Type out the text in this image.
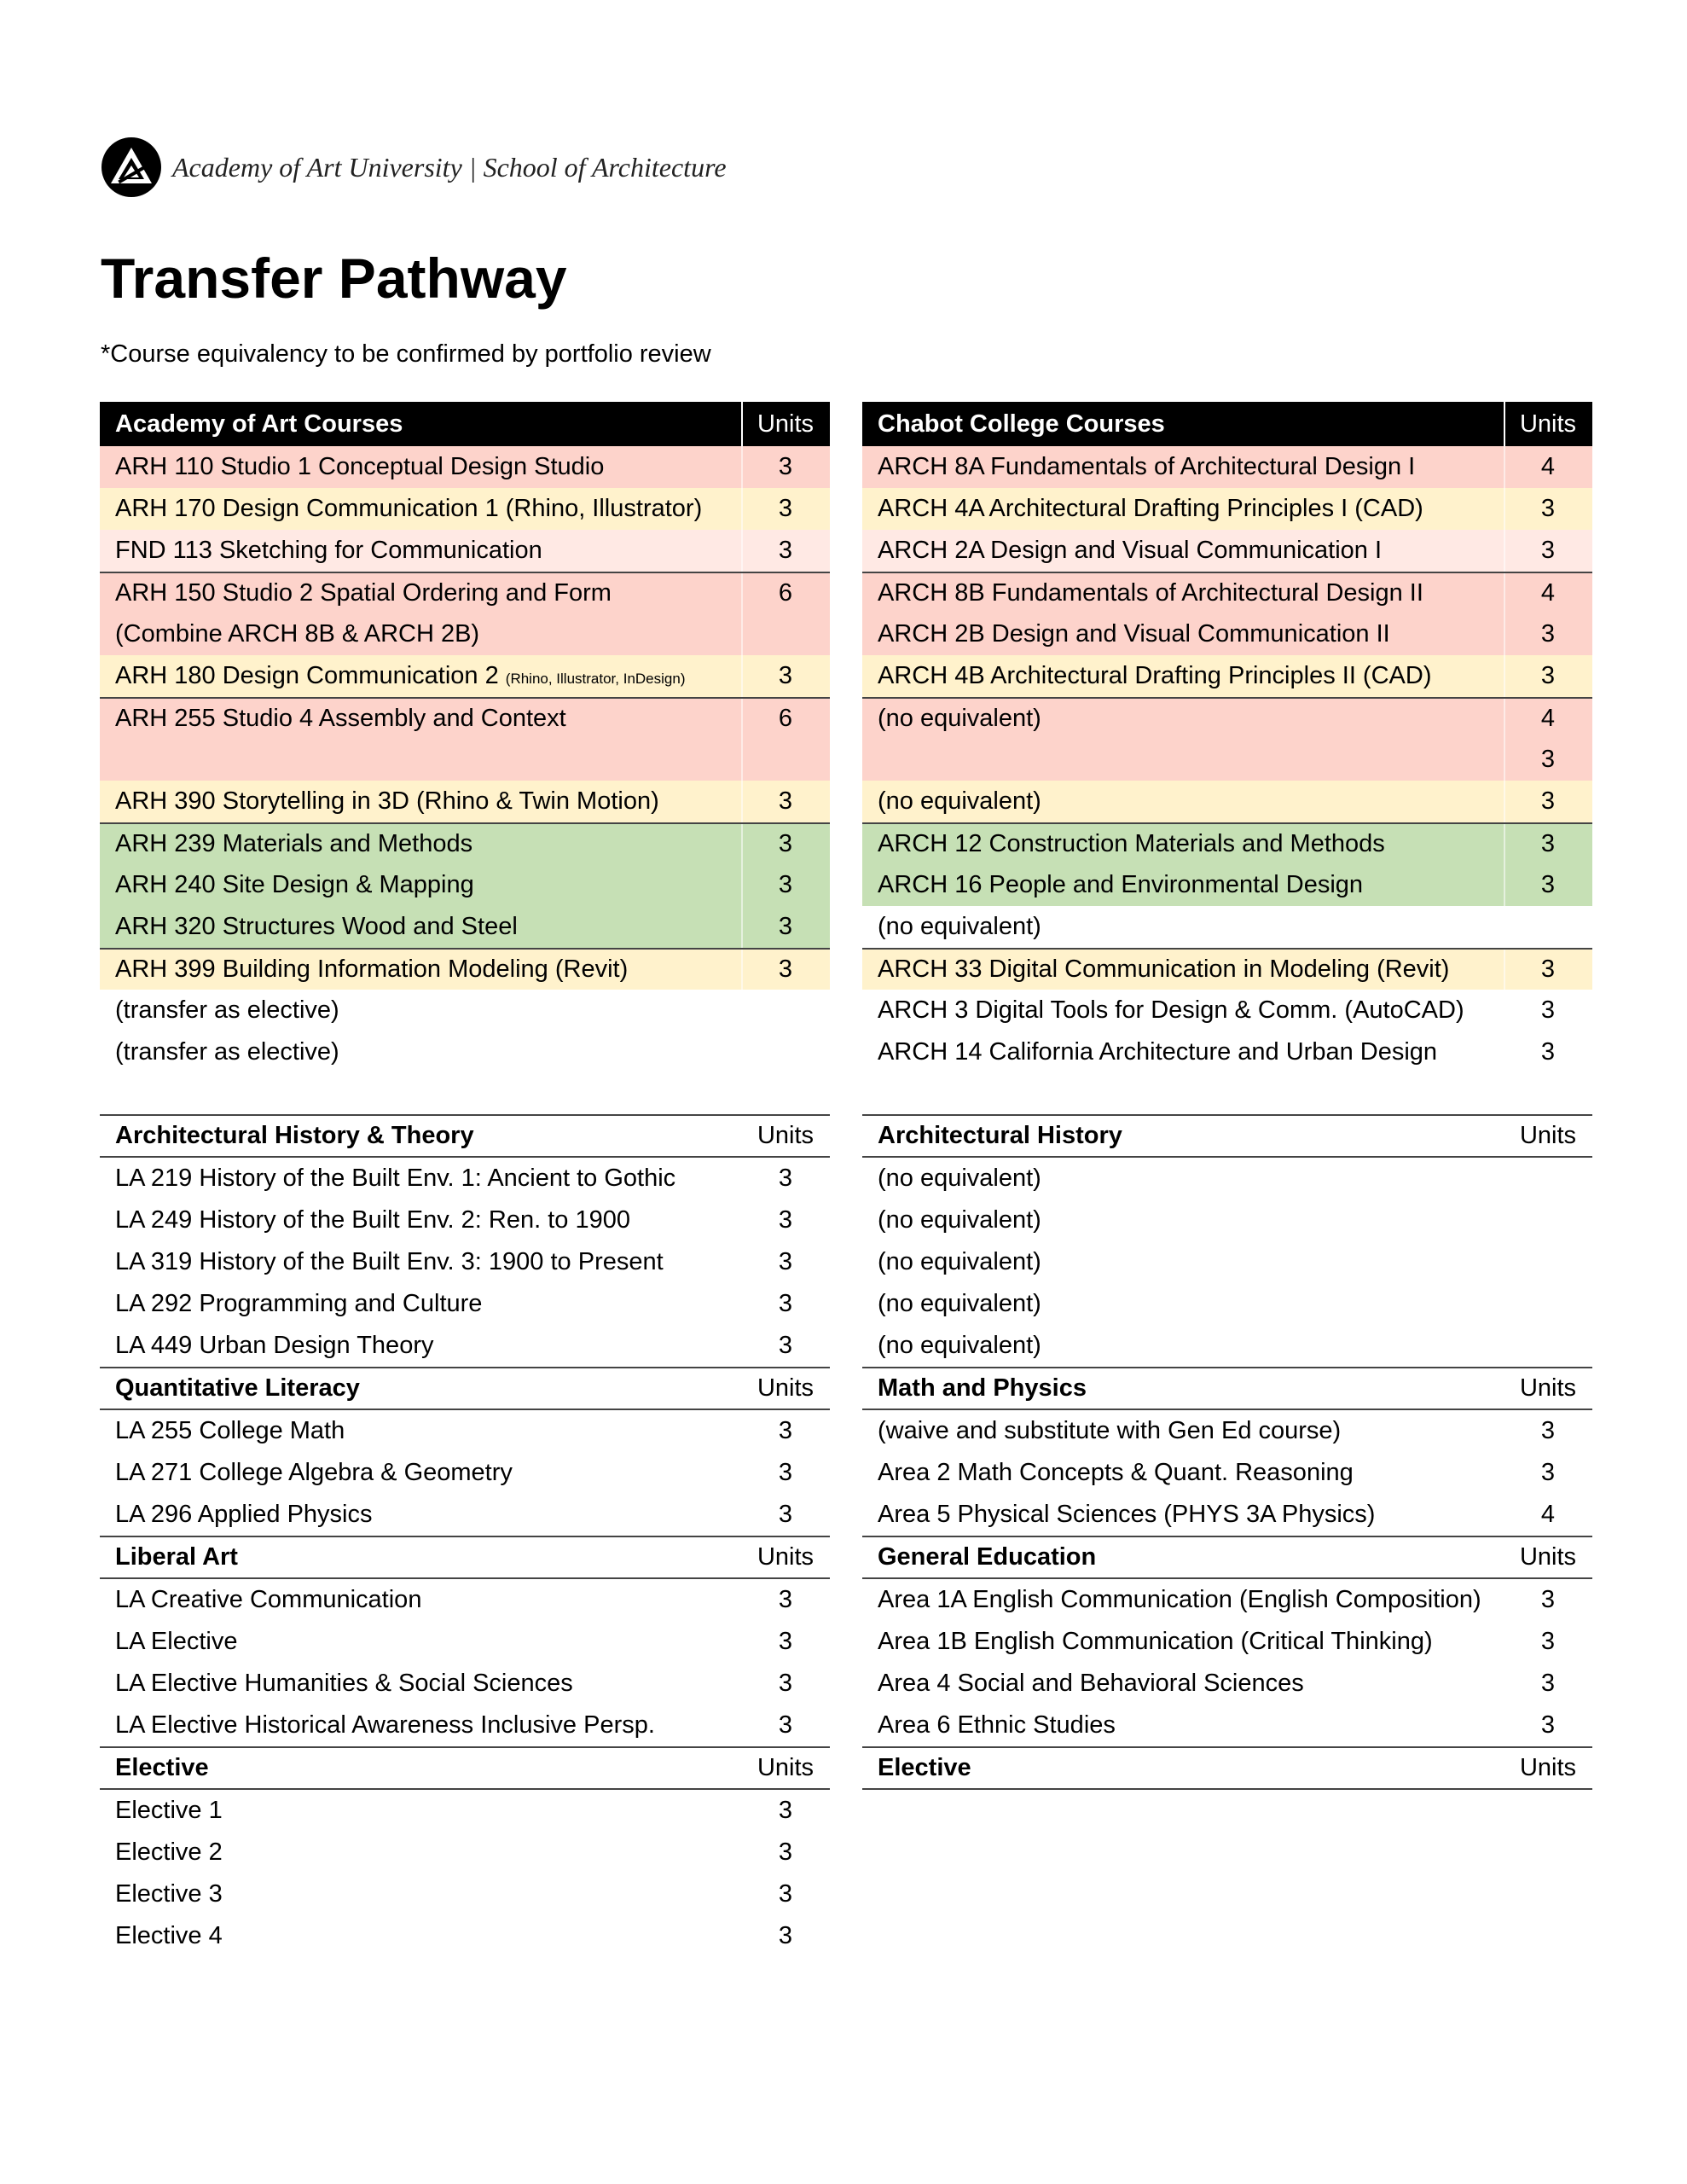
Academy of Art University | School of Architecture
Transfer Pathway

*Course equivalency to be confirmed by portfolio review

Academy of Art Courses	Units
ARH 110 Studio 1 Conceptual Design Studio	3
ARH 170 Design Communication 1 (Rhino, Illustrator)	3
FND 113 Sketching for Communication	3
ARH 150 Studio 2 Spatial Ordering and Form	6
(Combine ARCH 8B & ARCH 2B)
ARH 180 Design Communication 2 (Rhino, Illustrator, InDesign)	3
ARH 255 Studio 4 Assembly and Context	6
ARH 390 Storytelling in 3D (Rhino & Twin Motion)	3
ARH 239 Materials and Methods	3
ARH 240 Site Design & Mapping	3
ARH 320 Structures Wood and Steel	3
ARH 399 Building Information Modeling (Revit)	3
(transfer as elective)
(transfer as elective)
Chabot College Courses	Units
ARCH 8A Fundamentals of Architectural Design I	4
ARCH 4A Architectural Drafting Principles I (CAD)	3
ARCH 2A Design and Visual Communication I	3
ARCH 8B Fundamentals of Architectural Design II	4
ARCH 2B Design and Visual Communication II	3
ARCH 4B Architectural Drafting Principles II (CAD)	3
(no equivalent)	4
3
(no equivalent)	3
ARCH 12 Construction Materials and Methods	3
ARCH 16 People and Environmental Design	3
(no equivalent)
ARCH 33 Digital Communication in Modeling (Revit)	3
ARCH 3 Digital Tools for Design & Comm. (AutoCAD)	3
ARCH 14 California Architecture and Urban Design	3
Architectural History & Theory	Units
LA 219 History of the Built Env. 1: Ancient to Gothic	3
LA 249 History of the Built Env. 2: Ren. to 1900	3
LA 319 History of the Built Env. 3: 1900 to Present	3
LA 292 Programming and Culture	3
LA 449 Urban Design Theory	3
Quantitative Literacy	Units
LA 255 College Math	3
LA 271 College Algebra & Geometry	3
LA 296 Applied Physics	3
Liberal Art	Units
LA Creative Communication	3
LA Elective	3
LA Elective Humanities & Social Sciences	3
LA Elective Historical Awareness Inclusive Persp.	3
Elective	Units
Elective 1	3
Elective 2	3
Elective 3	3
Elective 4	3
Architectural History	Units
(no equivalent)
(no equivalent)
(no equivalent)
(no equivalent)
(no equivalent)
Math and Physics	Units
(waive and substitute with Gen Ed course)	3
Area 2 Math Concepts & Quant. Reasoning	3
Area 5 Physical Sciences (PHYS 3A Physics)	4
General Education	Units
Area 1A English Communication (English Composition)	3
Area 1B English Communication (Critical Thinking)	3
Area 4 Social and Behavioral Sciences	3
Area 6 Ethnic Studies	3
Elective	Units
